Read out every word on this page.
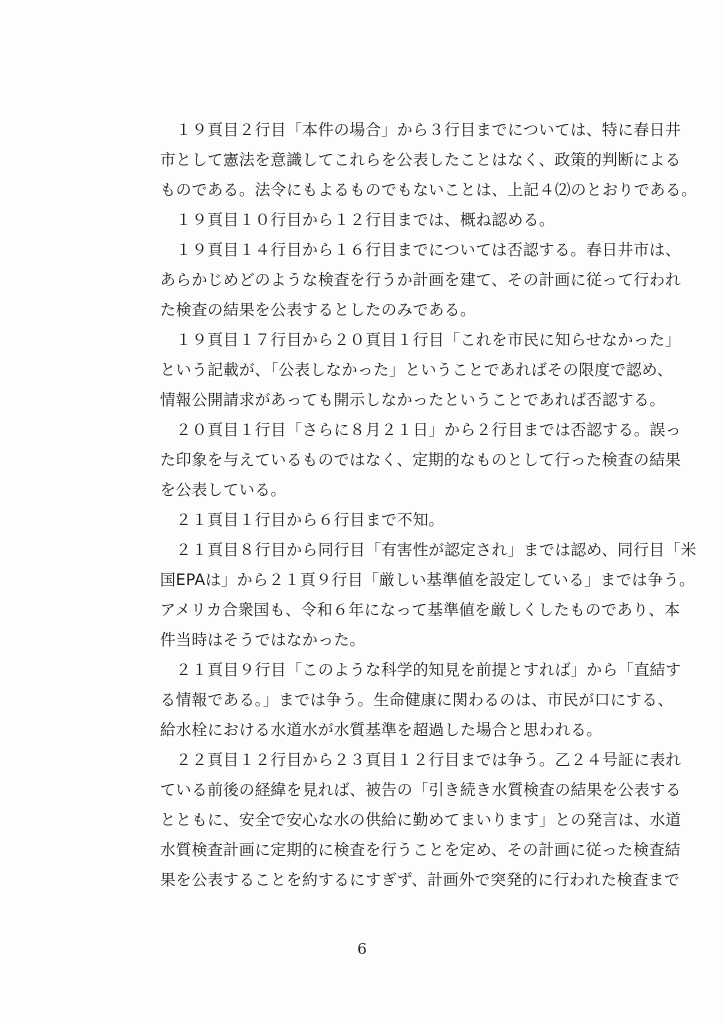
　１９頁目２行目「本件の場合」から３行目までについては、特に春日井
市として憲法を意識してこれらを公表したことはなく、政策的判断による
ものである。法令にもよるものでもないことは、上記４⑵のとおりである。
　１９頁目１０行目から１２行目までは、概ね認める。
　１９頁目１４行目から１６行目までについては否認する。春日井市は、
あらかじめどのような検査を行うか計画を建て、その計画に従って行われ
た検査の結果を公表するとしたのみである。
　１９頁目１７行目から２０頁目１行目「これを市民に知らせなかった」
という記載が、「公表しなかった」ということであればその限度で認め、
情報公開請求があっても開示しなかったということであれば否認する。
　２０頁目１行目「さらに８月２１日」から２行目までは否認する。誤っ
た印象を与えているものではなく、定期的なものとして行った検査の結果
を公表している。
　２１頁目１行目から６行目まで不知。
　２１頁目８行目から同行目「有害性が認定され」までは認め、同行目「米
国EPAは」から２１頁９行目「厳しい基準値を設定している」までは争う。
アメリカ合衆国も、令和６年になって基準値を厳しくしたものであり、本
件当時はそうではなかった。
　２１頁目９行目「このような科学的知見を前提とすれば」から「直結す
る情報である。」までは争う。生命健康に関わるのは、市民が口にする、
給水栓における水道水が水質基準を超過した場合と思われる。
　２２頁目１２行目から２３頁目１２行目までは争う。乙２４号証に表れ
ている前後の経緯を見れば、被告の「引き続き水質検査の結果を公表する
とともに、安全で安心な水の供給に勤めてまいります」との発言は、水道
水質検査計画に定期的に検査を行うことを定め、その計画に従った検査結
果を公表することを約するにすぎず、計画外で突発的に行われた検査まで
6
